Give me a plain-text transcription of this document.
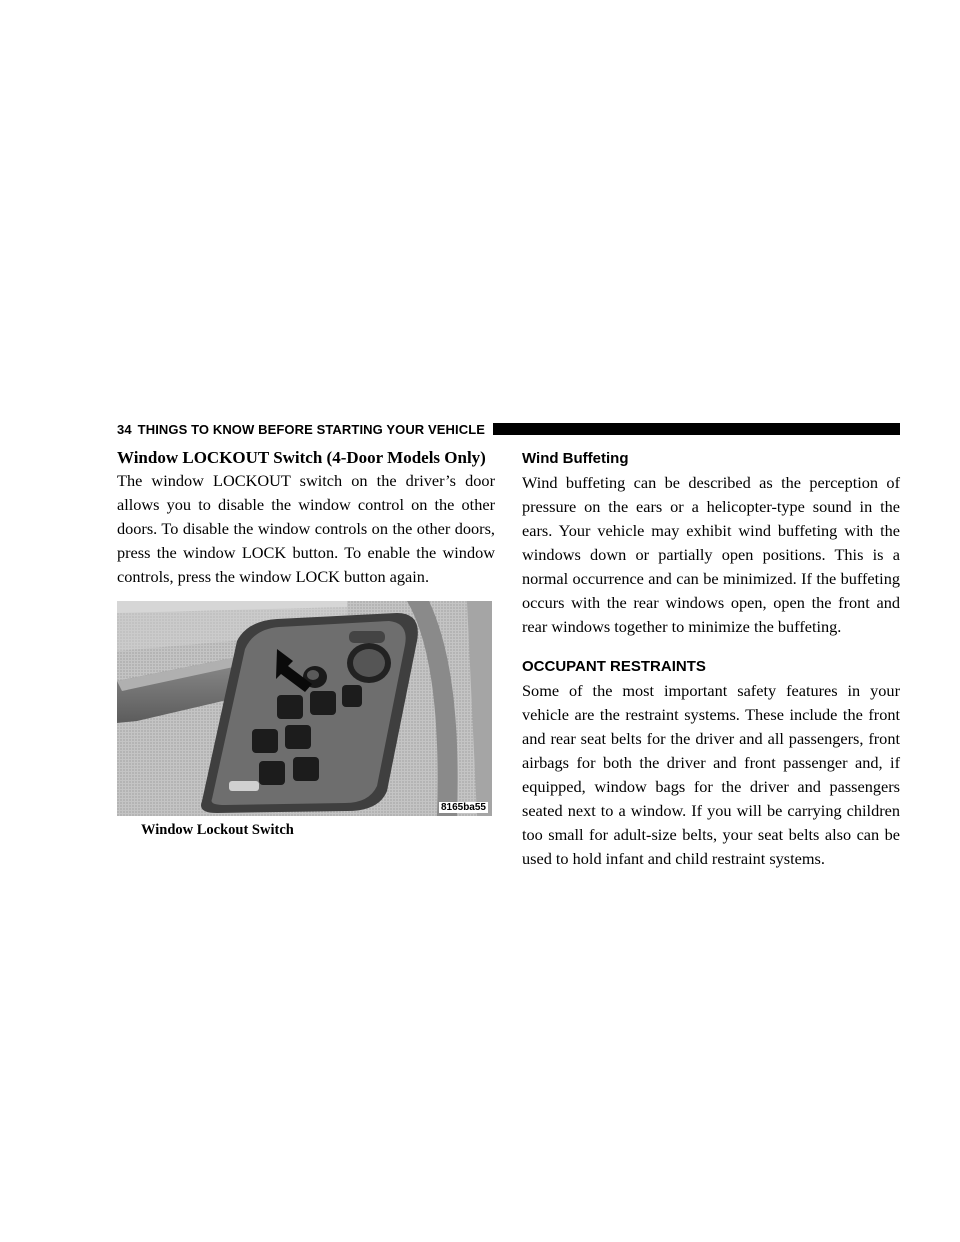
34 THINGS TO KNOW BEFORE STARTING YOUR VEHICLE
Window LOCKOUT Switch (4-Door Models Only)

The window LOCKOUT switch on the driver’s door allows you to disable the window control on the other doors. To disable the window controls on the other doors, press the window LOCK button. To enable the window controls, press the window LOCK button again.

8165ba55
Window Lockout Switch
Wind Buffeting

Wind buffeting can be described as the perception of pressure on the ears or a helicopter-type sound in the ears. Your vehicle may exhibit wind buffeting with the windows down or partially open positions. This is a normal occurrence and can be minimized. If the buffeting occurs with the rear windows open, open the front and rear windows together to minimize the buffeting.

OCCUPANT RESTRAINTS

Some of the most important safety features in your vehicle are the restraint systems. These include the front and rear seat belts for the driver and all passengers, front airbags for both the driver and front passenger and, if equipped, window bags for the driver and passengers seated next to a window. If you will be carrying children too small for adult-size belts, your seat belts also can be used to hold infant and child restraint systems.
